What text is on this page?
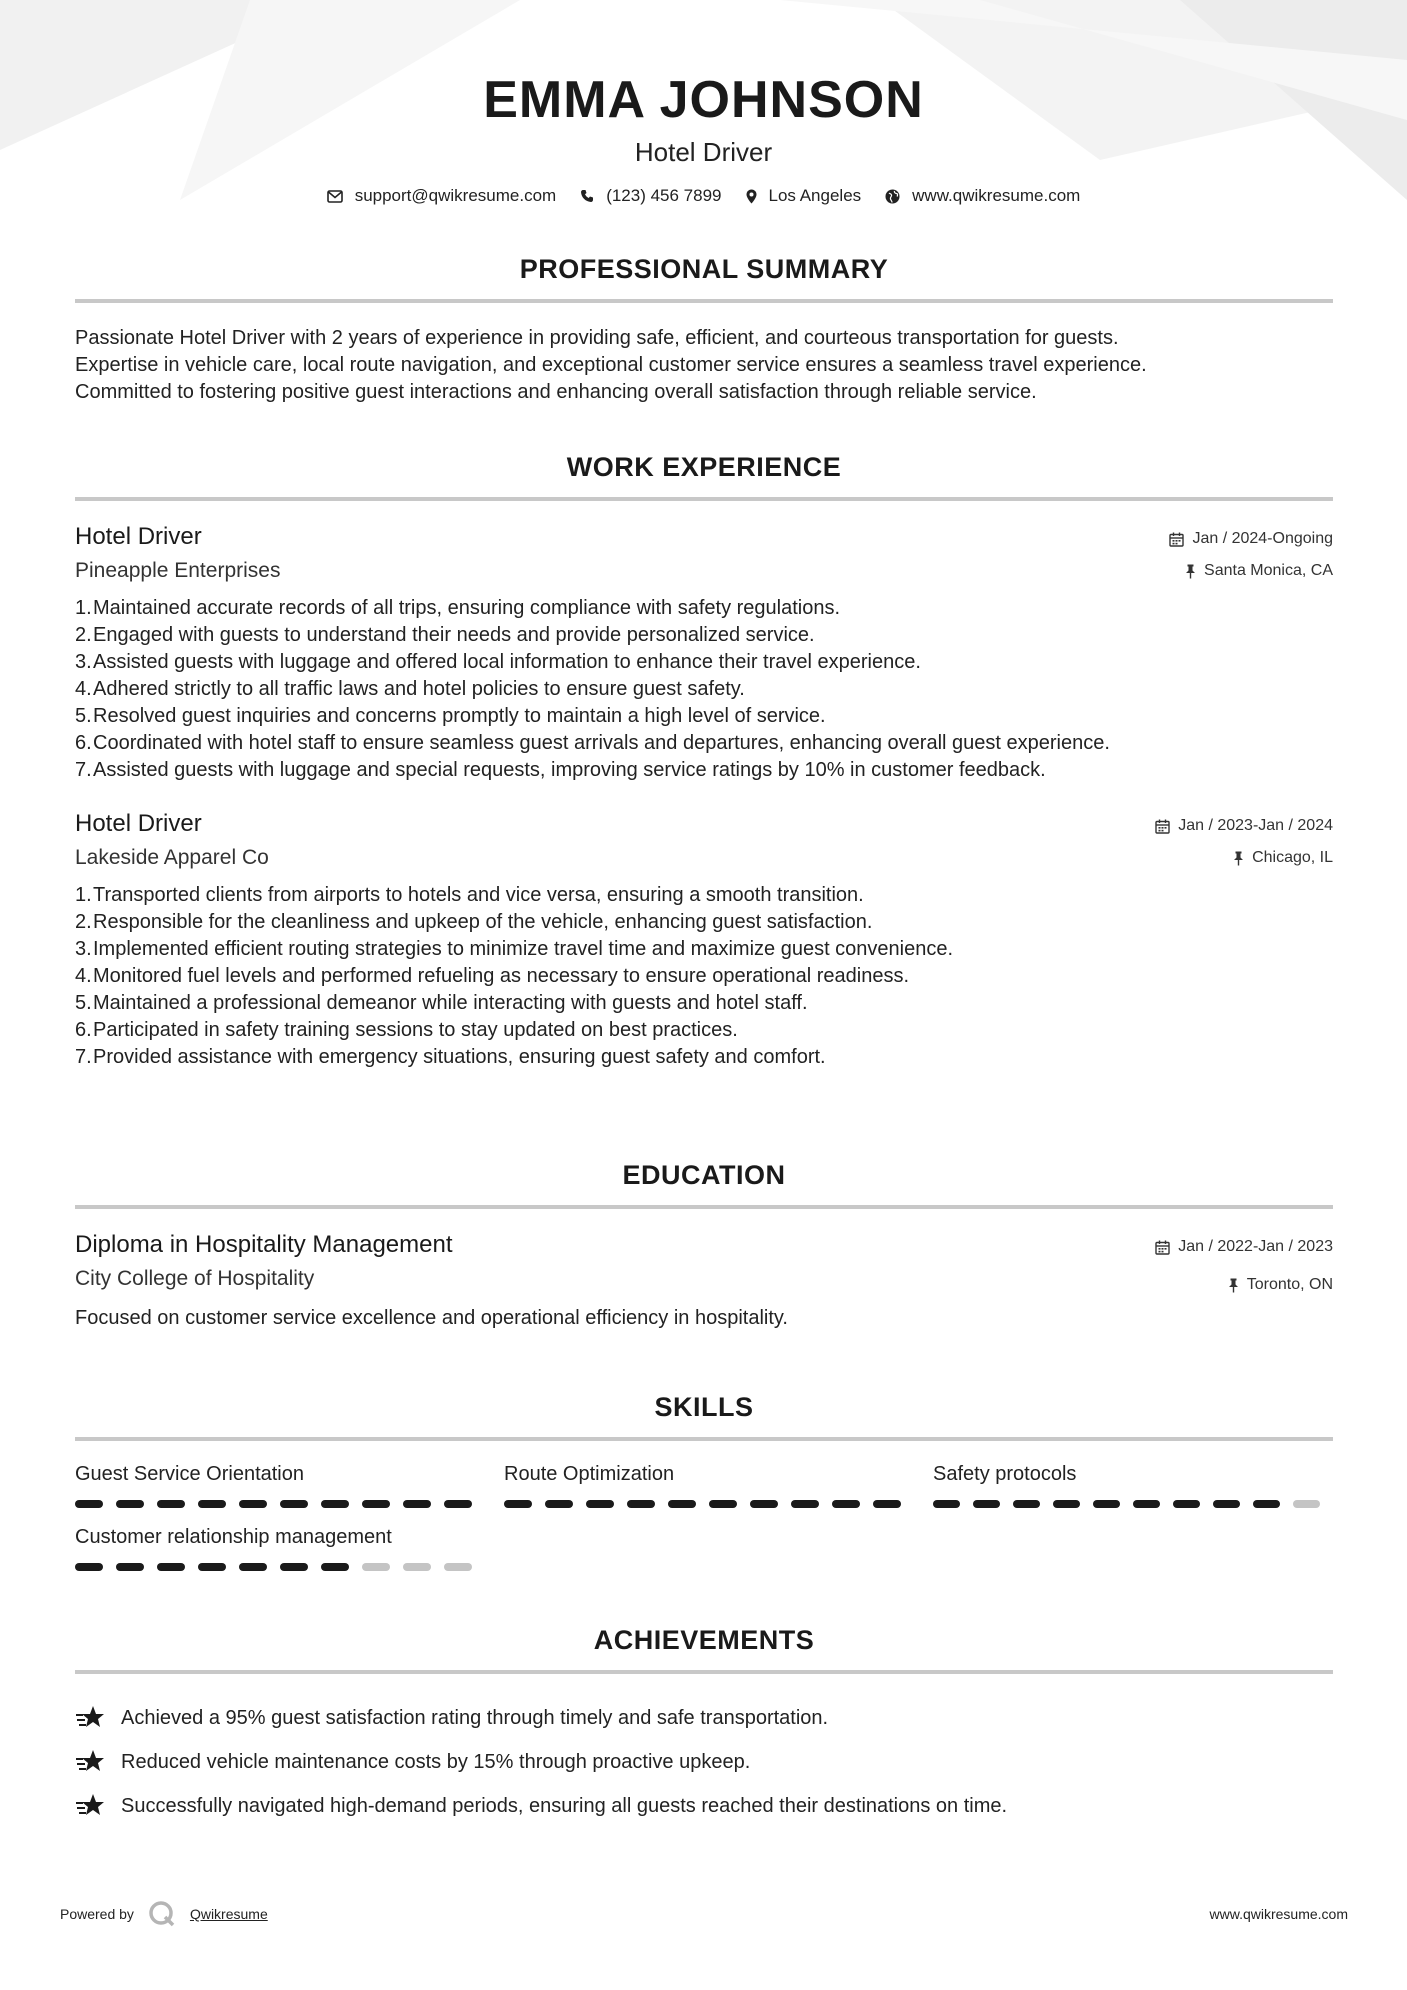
EMMA JOHNSON
Hotel Driver
support@qwikresume.com	(123) 456 7899	Los Angeles	www.qwikresume.com
PROFESSIONAL SUMMARY
Passionate Hotel Driver with 2 years of experience in providing safe, efficient, and courteous transportation for guests.
Expertise in vehicle care, local route navigation, and exceptional customer service ensures a seamless travel experience.
Committed to fostering positive guest interactions and enhancing overall satisfaction through reliable service.
WORK EXPERIENCE
Hotel Driver
Pineapple Enterprises
Jan / 2024-Ongoing
Santa Monica, CA
Maintained accurate records of all trips, ensuring compliance with safety regulations.
Engaged with guests to understand their needs and provide personalized service.
Assisted guests with luggage and offered local information to enhance their travel experience.
Adhered strictly to all traffic laws and hotel policies to ensure guest safety.
Resolved guest inquiries and concerns promptly to maintain a high level of service.
Coordinated with hotel staff to ensure seamless guest arrivals and departures, enhancing overall guest experience.
Assisted guests with luggage and special requests, improving service ratings by 10% in customer feedback.
Hotel Driver
Lakeside Apparel Co
Jan / 2023-Jan / 2024
Chicago, IL
Transported clients from airports to hotels and vice versa, ensuring a smooth transition.
Responsible for the cleanliness and upkeep of the vehicle, enhancing guest satisfaction.
Implemented efficient routing strategies to minimize travel time and maximize guest convenience.
Monitored fuel levels and performed refueling as necessary to ensure operational readiness.
Maintained a professional demeanor while interacting with guests and hotel staff.
Participated in safety training sessions to stay updated on best practices.
Provided assistance with emergency situations, ensuring guest safety and comfort.
EDUCATION
Diploma in Hospitality Management
City College of Hospitality
Jan / 2022-Jan / 2023
Toronto, ON
Focused on customer service excellence and operational efficiency in hospitality.
SKILLS
Guest Service Orientation	Route Optimization	Safety protocols
Customer relationship management
ACHIEVEMENTS
Achieved a 95% guest satisfaction rating through timely and safe transportation.
Reduced vehicle maintenance costs by 15% through proactive upkeep.
Successfully navigated high-demand periods, ensuring all guests reached their destinations on time.
Powered by	Qwikresume	www.qwikresume.com
